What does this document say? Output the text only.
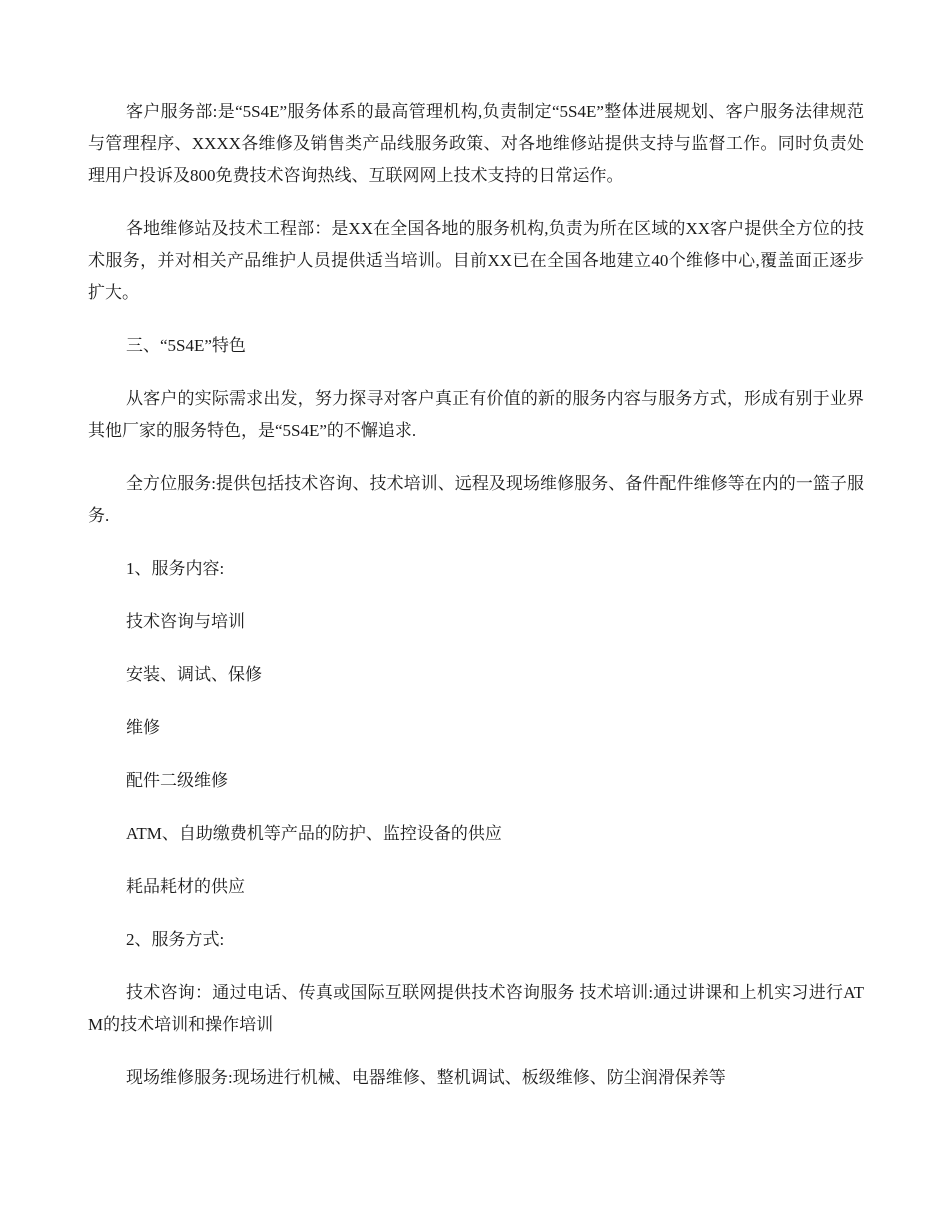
客户服务部:是“5S4E”服务体系的最高管理机构,负责制定“5S4E”整体进展规划、客户服务法律规范与管理程序、XXXX各维修及销售类产品线服务政策、对各地维修站提供支持与监督工作。同时负责处理用户投诉及800免费技术咨询热线、互联网网上技术支持的日常运作。

各地维修站及技术工程部：是XX在全国各地的服务机构,负责为所在区域的XX客户提供全方位的技术服务，并对相关产品维护人员提供适当培训。目前XX已在全国各地建立40个维修中心,覆盖面正逐步扩大。

三、“5S4E”特色

从客户的实际需求出发，努力探寻对客户真正有价值的新的服务内容与服务方式，形成有别于业界其他厂家的服务特色，是“5S4E”的不懈追求.

全方位服务:提供包括技术咨询、技术培训、远程及现场维修服务、备件配件维修等在内的一篮子服务.

1、服务内容:

技术咨询与培训

安装、调试、保修

维修

配件二级维修

ATM、自助缴费机等产品的防护、监控设备的供应

耗品耗材的供应

2、服务方式:

技术咨询：通过电话、传真或国际互联网提供技术咨询服务 技术培训:通过讲课和上机实习进行ATM的技术培训和操作培训

现场维修服务:现场进行机械、电器维修、整机调试、板级维修、防尘润滑保养等
